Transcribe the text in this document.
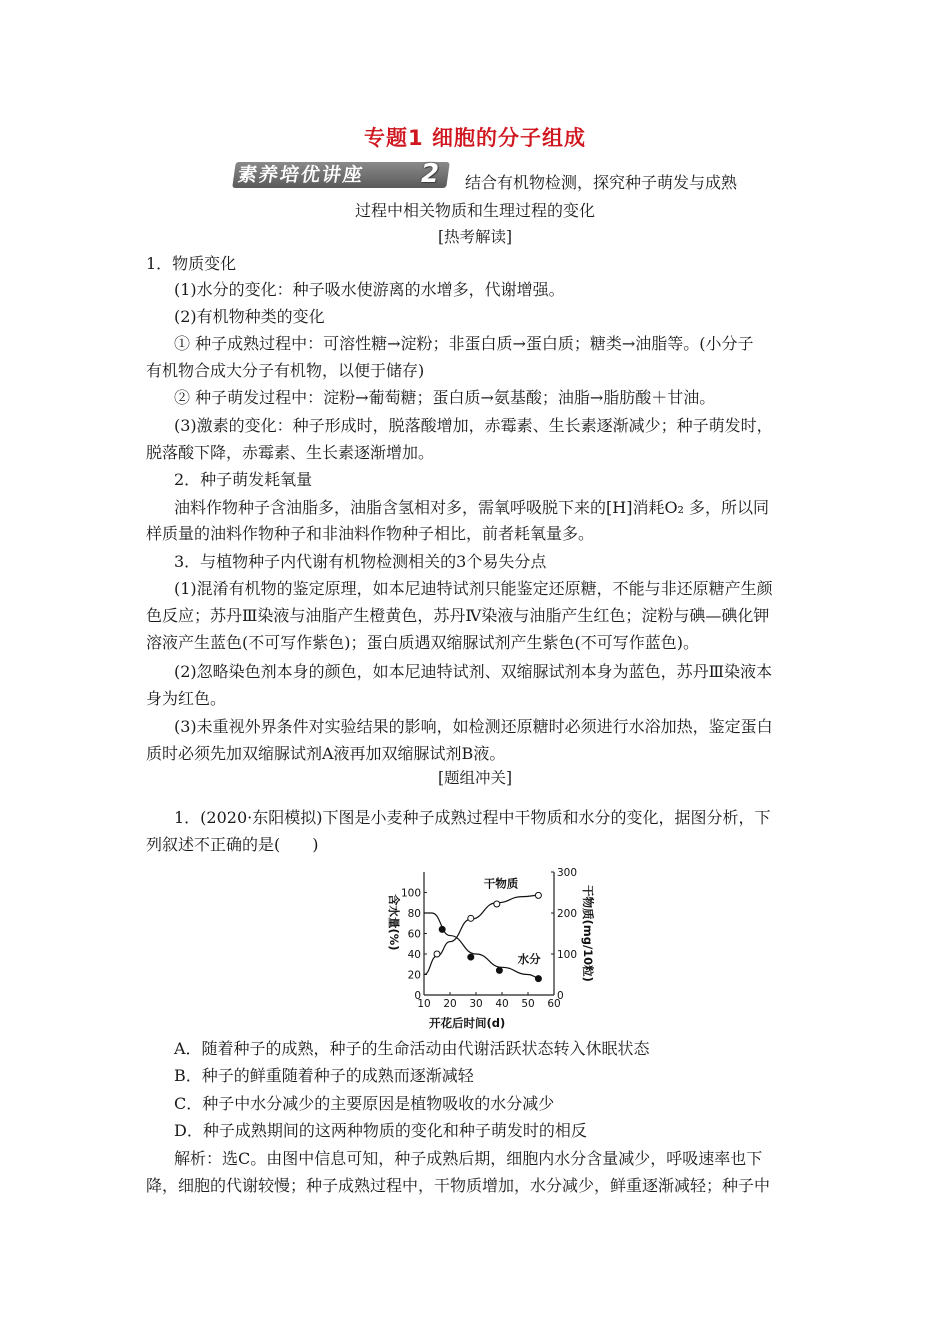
专题1 细胞的分子组成
素养培优讲座	2	结合有机物检测，探究种子萌发与成熟
过程中相关物质和生理过程的变化
[热考解读]
1．物质变化
(1)水分的变化：种子吸水使游离的水增多，代谢增强。
(2)有机物种类的变化
① 种子成熟过程中：可溶性糖→淀粉；非蛋白质→蛋白质；糖类→油脂等。(小分子
有机物合成大分子有机物，以便于储存)
② 种子萌发过程中：淀粉→葡萄糖；蛋白质→氨基酸；油脂→脂肪酸＋甘油。
(3)激素的变化：种子形成时，脱落酸增加，赤霉素、生长素逐渐减少；种子萌发时，
脱落酸下降，赤霉素、生长素逐渐增加。
2．种子萌发耗氧量
油料作物种子含油脂多，油脂含氢相对多，需氧呼吸脱下来的[H]消耗O₂ 多，所以同
样质量的油料作物种子和非油料作物种子相比，前者耗氧量多。
3．与植物种子内代谢有机物检测相关的3个易失分点
(1)混淆有机物的鉴定原理，如本尼迪特试剂只能鉴定还原糖，不能与非还原糖产生颜
色反应；苏丹Ⅲ染液与油脂产生橙黄色，苏丹Ⅳ染液与油脂产生红色；淀粉与碘—碘化钾
溶液产生蓝色(不可写作紫色)；蛋白质遇双缩脲试剂产生紫色(不可写作蓝色)。
(2)忽略染色剂本身的颜色，如本尼迪特试剂、双缩脲试剂本身为蓝色，苏丹Ⅲ染液本
身为红色。
(3)未重视外界条件对实验结果的影响，如检测还原糖时必须进行水浴加热，鉴定蛋白
质时必须先加双缩脲试剂A液再加双缩脲试剂B液。
[题组冲关]
1．(2020·东阳模拟)下图是小麦种子成熟过程中干物质和水分的变化，据图分析，下
列叙述不正确的是(　　)
10 20 30 40 50 60
0
20
40
60
80
100
0
100
200
300
干物质
水分
含水量(%)	干物质(mg/10粒)
开花后时间(d)
A．随着种子的成熟，种子的生命活动由代谢活跃状态转入休眠状态
B．种子的鲜重随着种子的成熟而逐渐减轻
C．种子中水分减少的主要原因是植物吸收的水分减少
D．种子成熟期间的这两种物质的变化和种子萌发时的相反
解析：选C。由图中信息可知，种子成熟后期，细胞内水分含量减少，呼吸速率也下
降，细胞的代谢较慢；种子成熟过程中，干物质增加，水分减少，鲜重逐渐减轻；种子中
